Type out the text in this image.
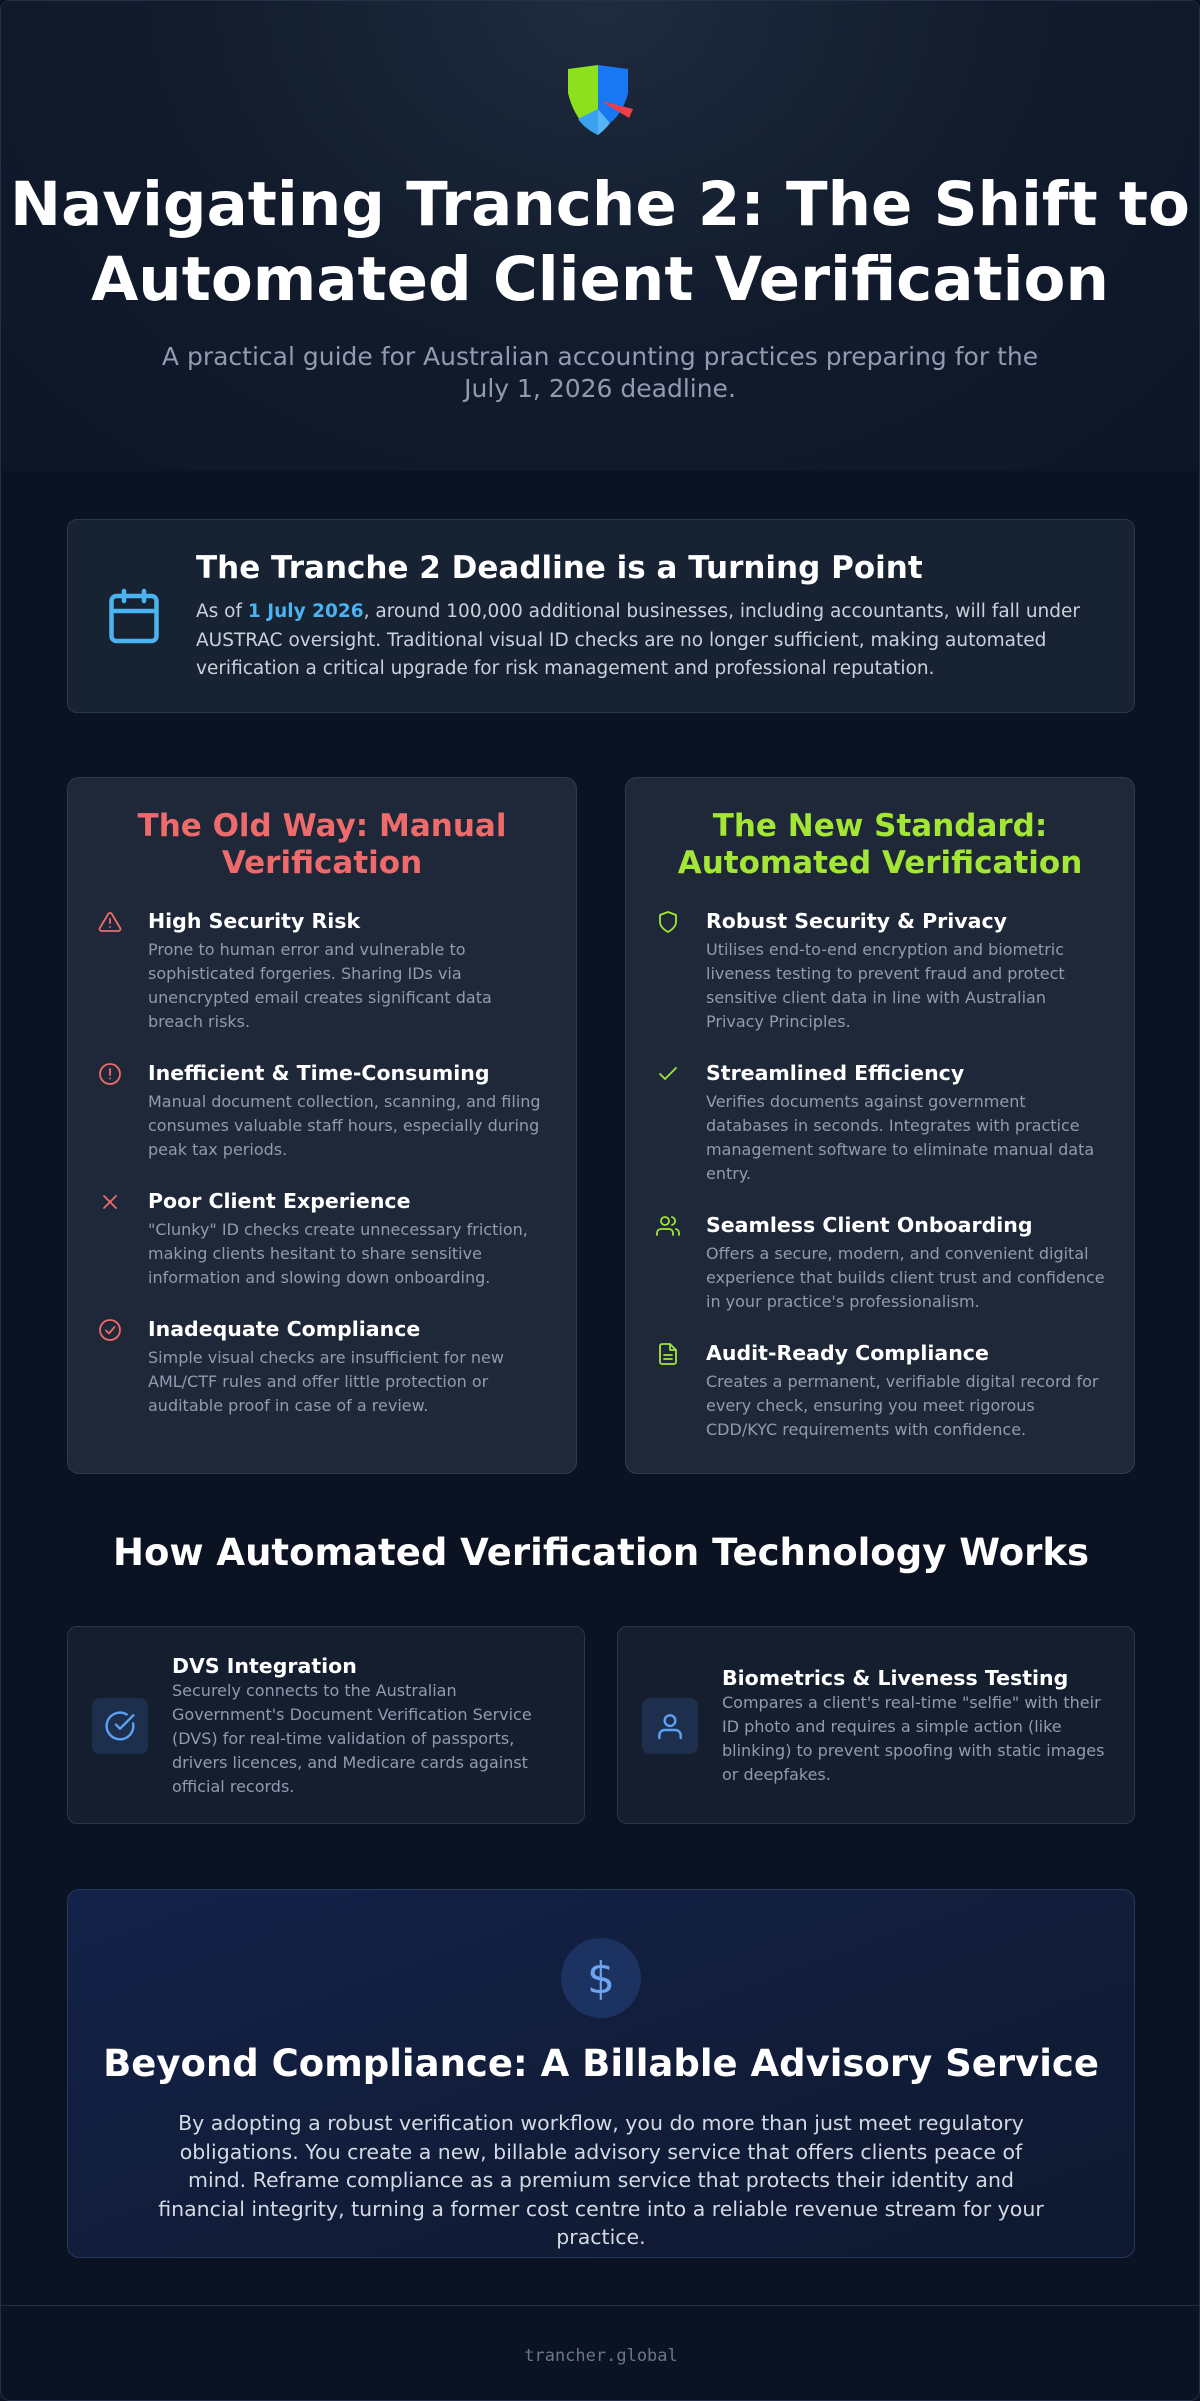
Navigating Tranche 2: The Shift to Automated Client Verification

A practical guide for Australian accounting practices preparing for the July 1, 2026 deadline.

The Tranche 2 Deadline is a Turning Point

As of 1 July 2026, around 100,000 additional businesses, including accountants, will fall under AUSTRAC oversight. Traditional visual ID checks are no longer sufficient, making automated verification a critical upgrade for risk management and professional reputation.

The Old Way: Manual Verification
High Security Risk

Prone to human error and vulnerable to sophisticated forgeries. Sharing IDs via unencrypted email creates significant data breach risks.

Inefficient & Time-Consuming

Manual document collection, scanning, and filing consumes valuable staff hours, especially during peak tax periods.

Poor Client Experience

"Clunky" ID checks create unnecessary friction, making clients hesitant to share sensitive information and slowing down onboarding.

Inadequate Compliance

Simple visual checks are insufficient for new AML/CTF rules and offer little protection or auditable proof in case of a review.

The New Standard: Automated Verification
Robust Security & Privacy

Utilises end-to-end encryption and biometric liveness testing to prevent fraud and protect sensitive client data in line with Australian Privacy Principles.

Streamlined Efficiency

Verifies documents against government databases in seconds. Integrates with practice management software to eliminate manual data entry.

Seamless Client Onboarding

Offers a secure, modern, and convenient digital experience that builds client trust and confidence in your practice's professionalism.

Audit-Ready Compliance

Creates a permanent, verifiable digital record for every check, ensuring you meet rigorous CDD/KYC requirements with confidence.

How Automated Verification Technology Works
DVS Integration

Securely connects to the Australian Government's Document Verification Service (DVS) for real-time validation of passports, drivers licences, and Medicare cards against official records.

Biometrics & Liveness Testing

Compares a client's real-time "selfie" with their ID photo and requires a simple action (like blinking) to prevent spoofing with static images or deepfakes.

$
Beyond Compliance: A Billable Advisory Service

By adopting a robust verification workflow, you do more than just meet regulatory obligations. You create a new, billable advisory service that offers clients peace of mind. Reframe compliance as a premium service that protects their identity and financial integrity, turning a former cost centre into a reliable revenue stream for your practice.

trancher.global
